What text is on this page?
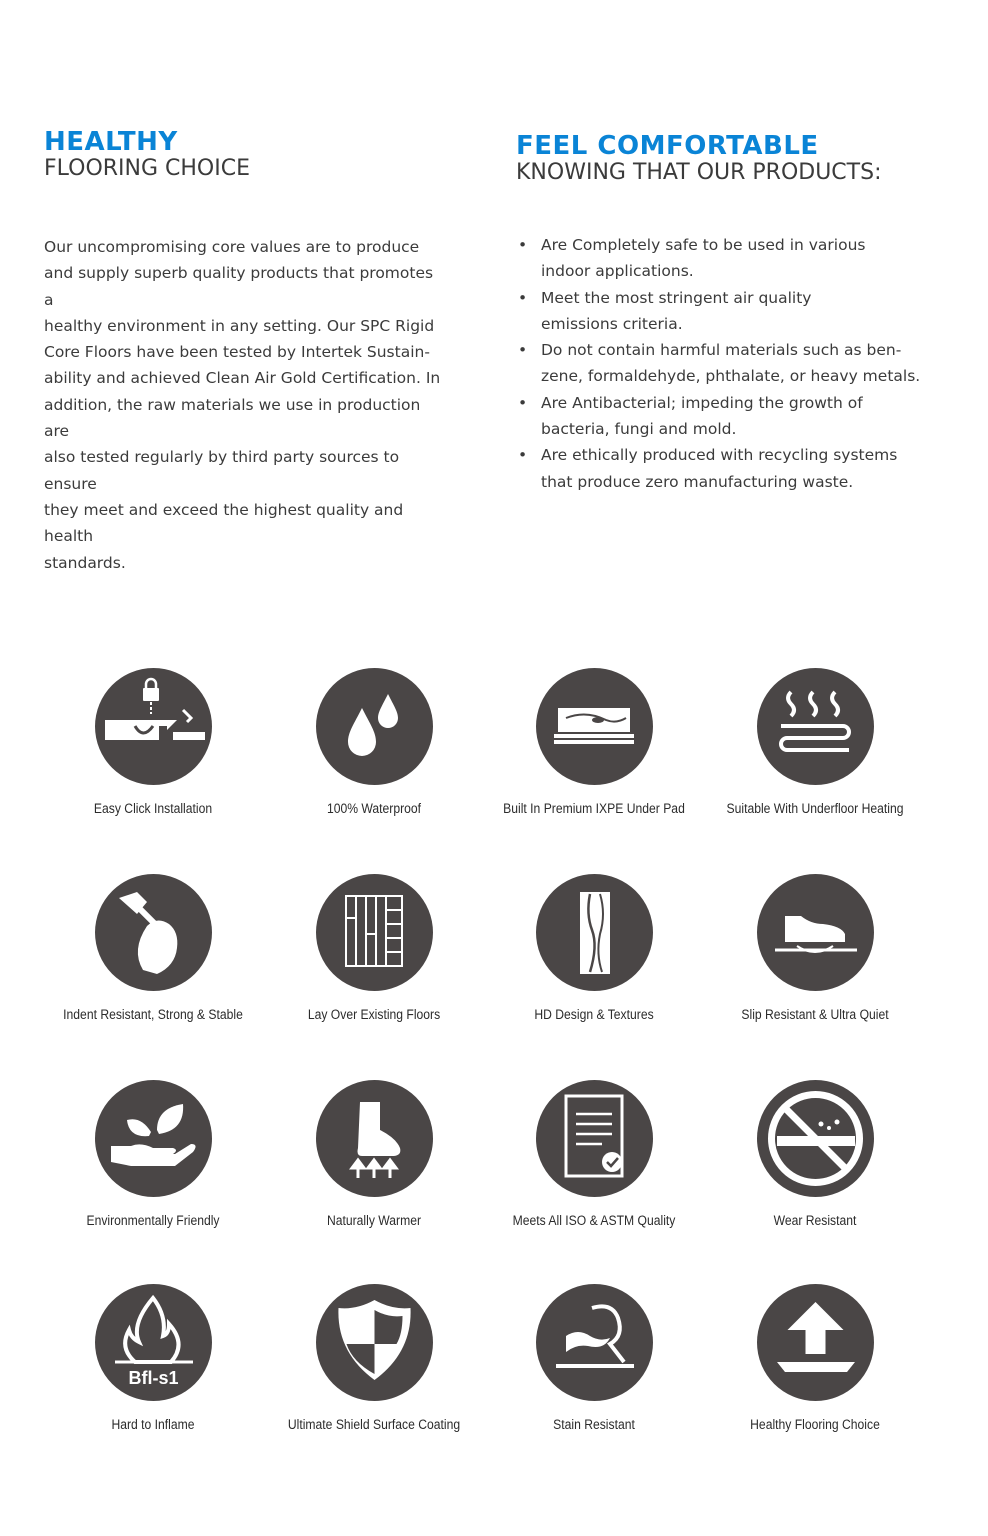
HEALTHY
FLOORING CHOICE

Our uncompromising core values are to produce
and supply superb quality products that promotes a
healthy environment in any setting. Our SPC Rigid
Core Floors have been tested by Intertek Sustain-
ability and achieved Clean Air Gold Certification. In
addition, the raw materials we use in production are
also tested regularly by third party sources to ensure
they meet and exceed the highest quality and health
standards.

FEEL COMFORTABLE
KNOWING THAT OUR PRODUCTS:
• Are Completely safe to be used in various
indoor applications.
• Meet the most stringent air quality
emissions criteria.
• Do not contain harmful materials such as ben-
zene, formaldehyde, phthalate, or heavy metals.
• Are Antibacterial; impeding the growth of
bacteria, fungi and mold.
• Are ethically produced with recycling systems
that produce zero manufacturing waste.
Easy Click Installation	100% Waterproof	Built In Premium IXPE Under Pad	Suitable With Underfloor Heating
Indent Resistant, Strong & Stable	Lay Over Existing Floors	HD Design & Textures	Slip Resistant & Ultra Quiet
Environmentally Friendly	Naturally Warmer	Meets All ISO & ASTM Quality	Wear Resistant
Bfl-s1
Hard to Inflame	Ultimate Shield Surface Coating	Stain Resistant	Healthy Flooring Choice
